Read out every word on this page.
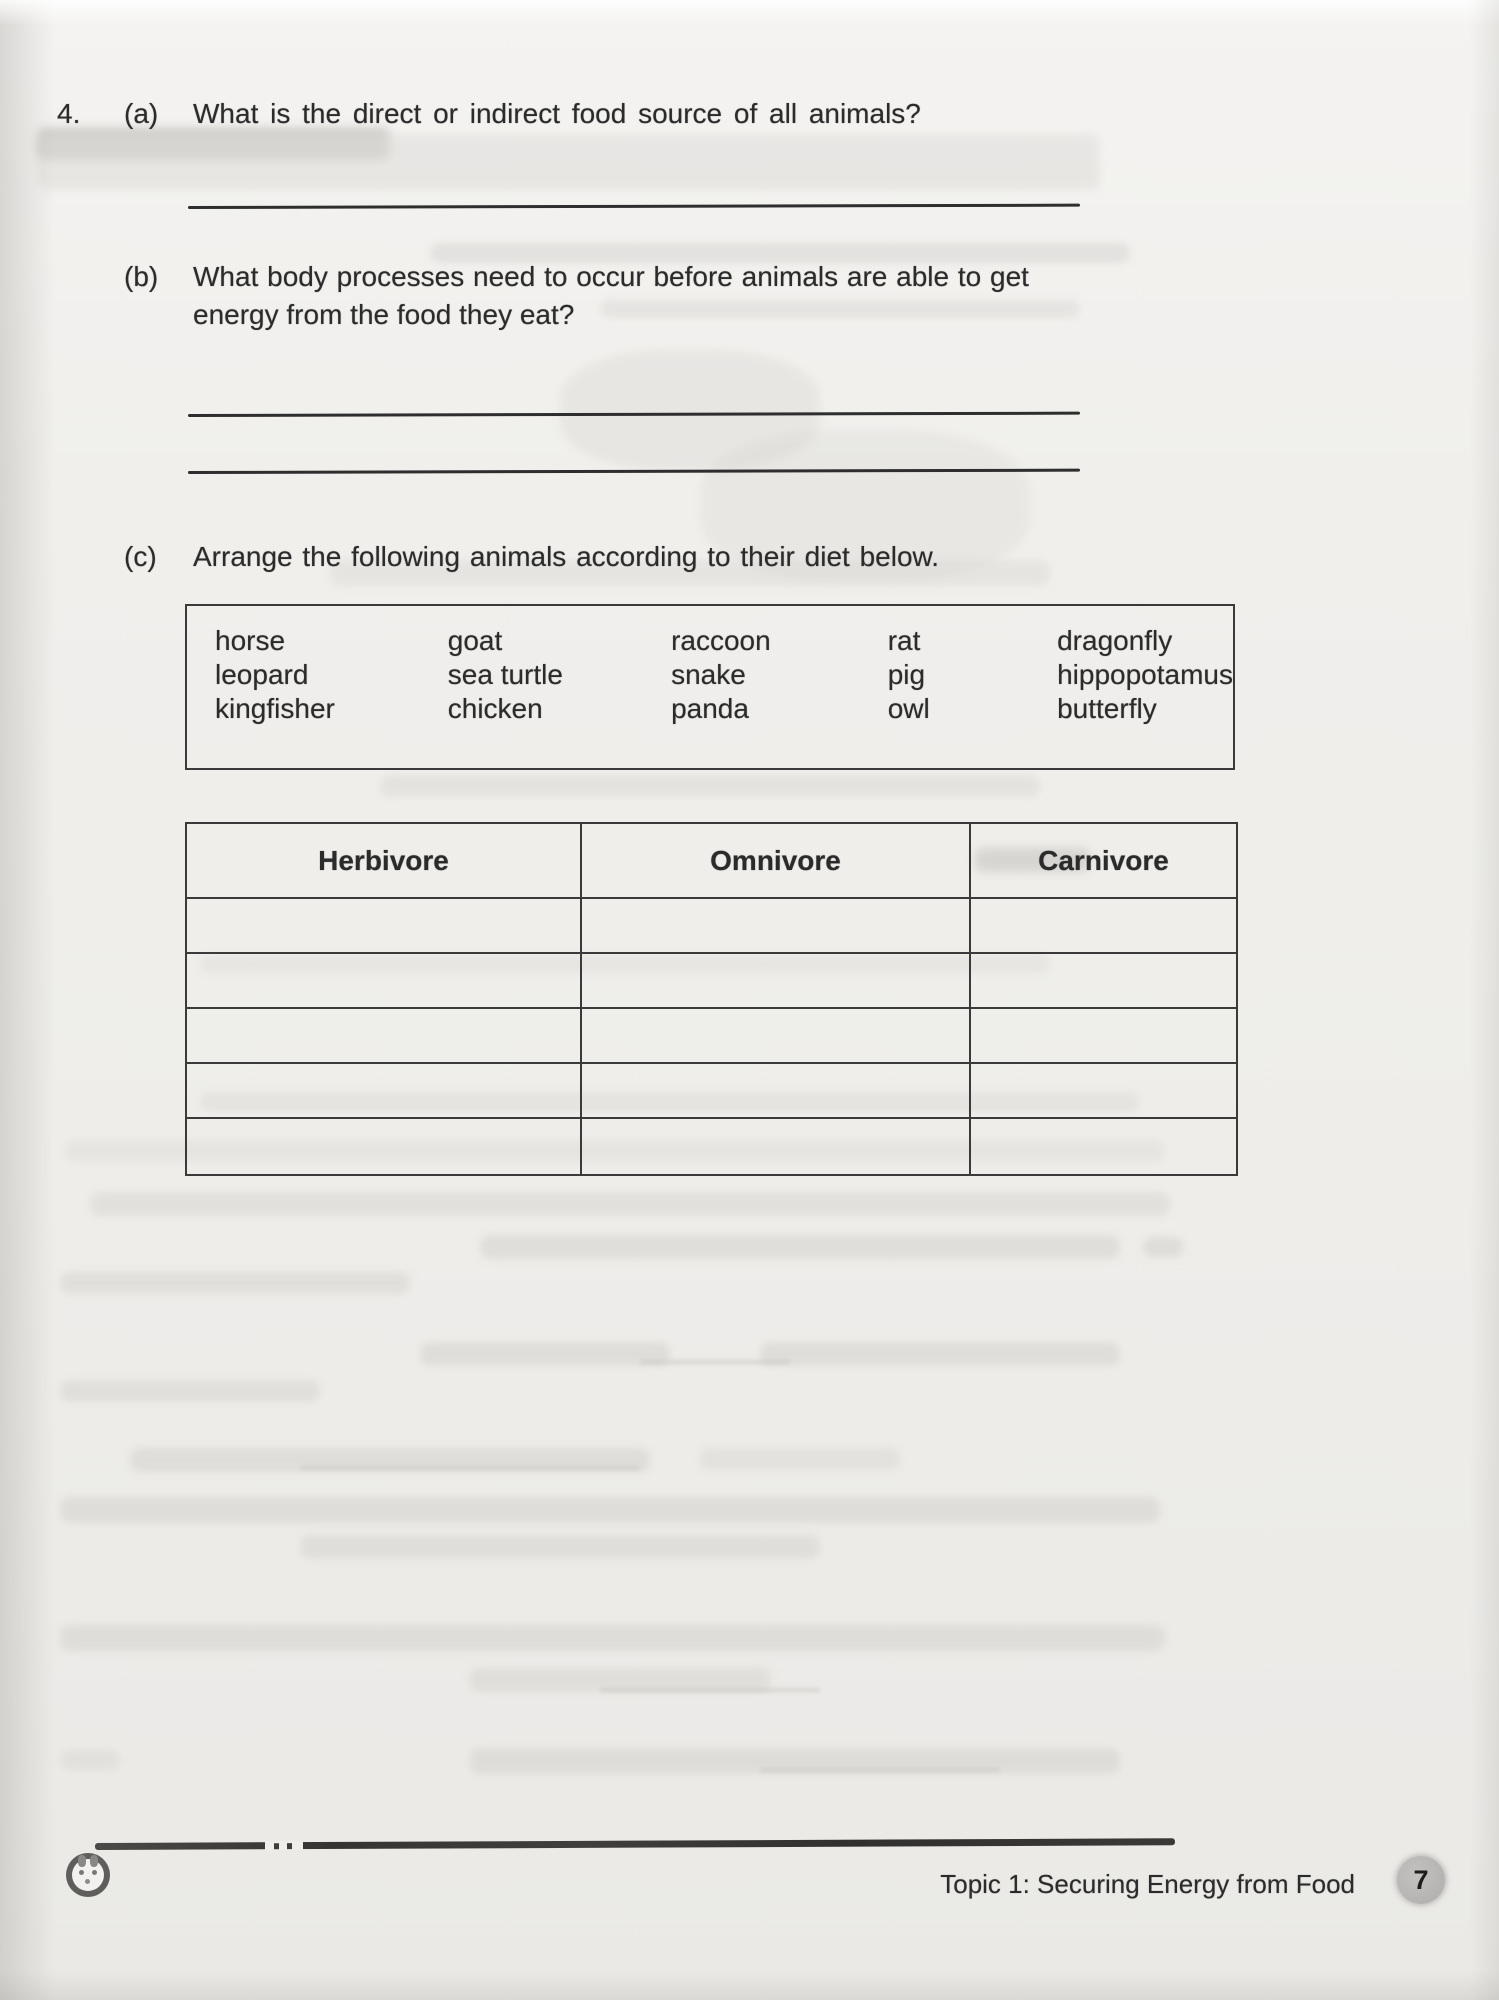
4. (a) What is the direct or indirect food source of all animals?
(b) What body processes need to occur before animals are able to get
energy from the food they eat?
(c) Arrange the following animals according to their diet below.
horse
leopard
kingfisher
goat
sea turtle
chicken
raccoon
snake
panda
rat
pig
owl
dragonfly
hippopotamus
butterfly
Herbivore	Omnivore	Carnivore
Topic 1: Securing Energy from Food 7
